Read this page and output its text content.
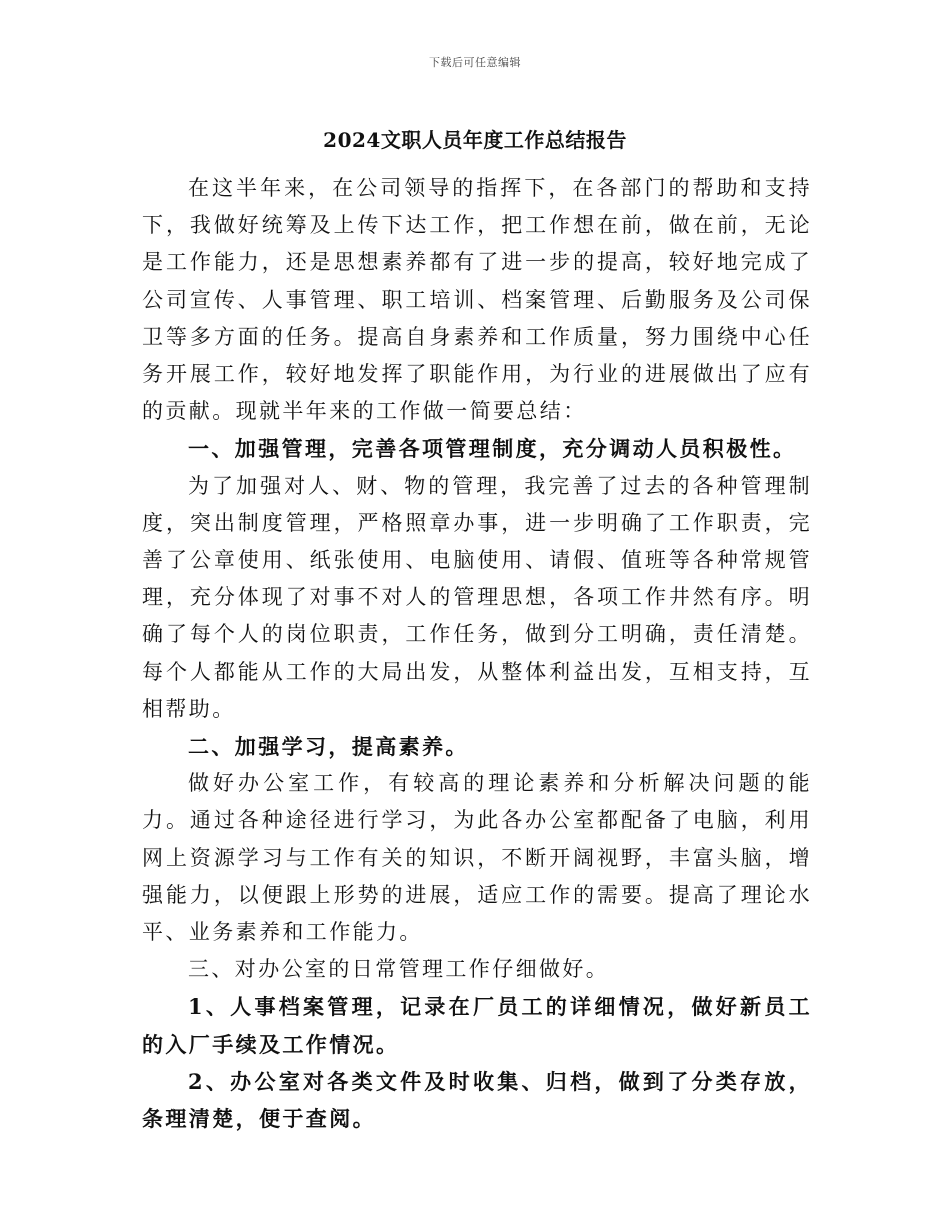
下载后可任意编辑
2024文职人员年度工作总结报告

在这半年来，在公司领导的指挥下，在各部门的帮助和支持下，我做好统筹及上传下达工作，把工作想在前，做在前，无论是工作能力，还是思想素养都有了进一步的提高，较好地完成了公司宣传、人事管理、职工培训、档案管理、后勤服务及公司保卫等多方面的任务。提高自身素养和工作质量，努力围绕中心任务开展工作，较好地发挥了职能作用，为行业的进展做出了应有的贡献。现就半年来的工作做一简要总结：

一、加强管理，完善各项管理制度，充分调动人员积极性。

为了加强对人、财、物的管理，我完善了过去的各种管理制度，突出制度管理，严格照章办事，进一步明确了工作职责，完善了公章使用、纸张使用、电脑使用、请假、值班等各种常规管理，充分体现了对事不对人的管理思想，各项工作井然有序。明确了每个人的岗位职责，工作任务，做到分工明确，责任清楚。每个人都能从工作的大局出发，从整体利益出发，互相支持，互相帮助。

二、加强学习，提高素养。

做好办公室工作，有较高的理论素养和分析解决问题的能力。通过各种途径进行学习，为此各办公室都配备了电脑，利用网上资源学习与工作有关的知识，不断开阔视野，丰富头脑，增强能力，以便跟上形势的进展，适应工作的需要。提高了理论水平、业务素养和工作能力。

三、对办公室的日常管理工作仔细做好。

1、人事档案管理，记录在厂员工的详细情况，做好新员工的入厂手续及工作情况。

2、办公室对各类文件及时收集、归档，做到了分类存放，条理清楚，便于查阅。
